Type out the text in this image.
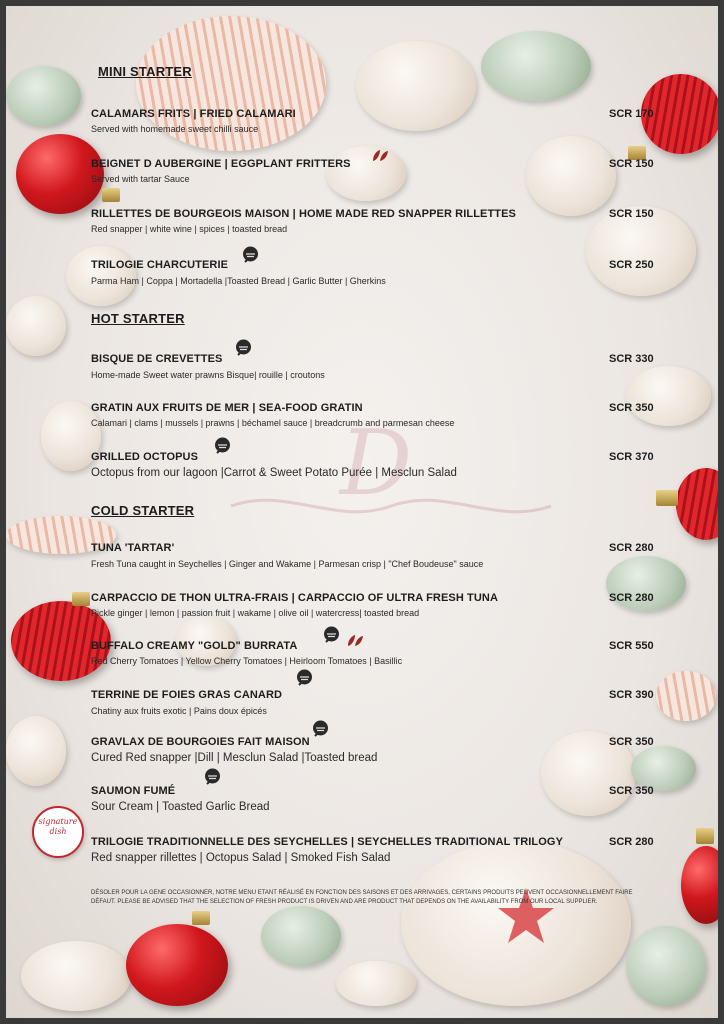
D
signature dish
MINI STARTER
CALAMARS FRITS | FRIED CALAMARI	SCR 170
Served with homemade sweet chilli sauce
BEIGNET D AUBERGINE | EGGPLANT FRITTERS	SCR 150
Served with tartar Sauce
RILLETTES DE BOURGEOIS MAISON | HOME MADE RED SNAPPER RILLETTES	SCR 150
Red snapper | white wine | spices | toasted bread
TRILOGIE CHARCUTERIE	SCR 250
Parma Ham | Coppa | Mortadella |Toasted Bread | Garlic Butter | Gherkins
HOT STARTER
BISQUE DE CREVETTES	SCR 330
Home-made Sweet water prawns Bisque| rouille | croutons
GRATIN AUX FRUITS DE MER | SEA-FOOD GRATIN	SCR 350
Calamari | clams | mussels | prawns | béchamel sauce | breadcrumb and parmesan cheese
GRILLED OCTOPUS	SCR 370
Octopus from our lagoon |Carrot & Sweet Potato Purée | Mesclun Salad
COLD STARTER
TUNA 'TARTAR'	SCR 280
Fresh Tuna caught in Seychelles | Ginger and Wakame | Parmesan crisp | "Chef Boudeuse" sauce
CARPACCIO DE THON ULTRA-FRAIS | CARPACCIO OF ULTRA FRESH TUNA	SCR 280
Pickle ginger | lemon | passion fruit | wakame | olive oil | watercress| toasted bread
BUFFALO CREAMY "GOLD" BURRATA	SCR 550
Red Cherry Tomatoes | Yellow Cherry Tomatoes | Heirloom Tomatoes | Basillic
TERRINE DE FOIES GRAS CANARD	SCR 390
Chatiny aux fruits exotic | Pains doux épicés
GRAVLAX DE BOURGOIES FAIT MAISON	SCR 350
Cured Red snapper |Dill | Mesclun Salad |Toasted bread
SAUMON FUMÉ	SCR 350
Sour Cream | Toasted Garlic Bread
TRILOGIE TRADITIONNELLE DES SEYCHELLES | SEYCHELLES TRADITIONAL TRILOGY	SCR 280
Red snapper rillettes | Octopus Salad | Smoked Fish Salad
DÉSOLER POUR LA GENE OCCASIONNER, NOTRE MENU ETANT RÉALISÉ EN FONCTION DES SAISONS ET DES ARRIVAGES, CERTAINS PRODUITS PEUVENT OCCASIONNELLEMENT FAIRE DÉFAUT. PLEASE BE ADVISED THAT THE SELECTION OF FRESH PRODUCT IS DRIVEN AND ARE PRODUCT THAT DEPENDS ON THE AVAILABILITY FROM OUR LOCAL SUPPLIER.
